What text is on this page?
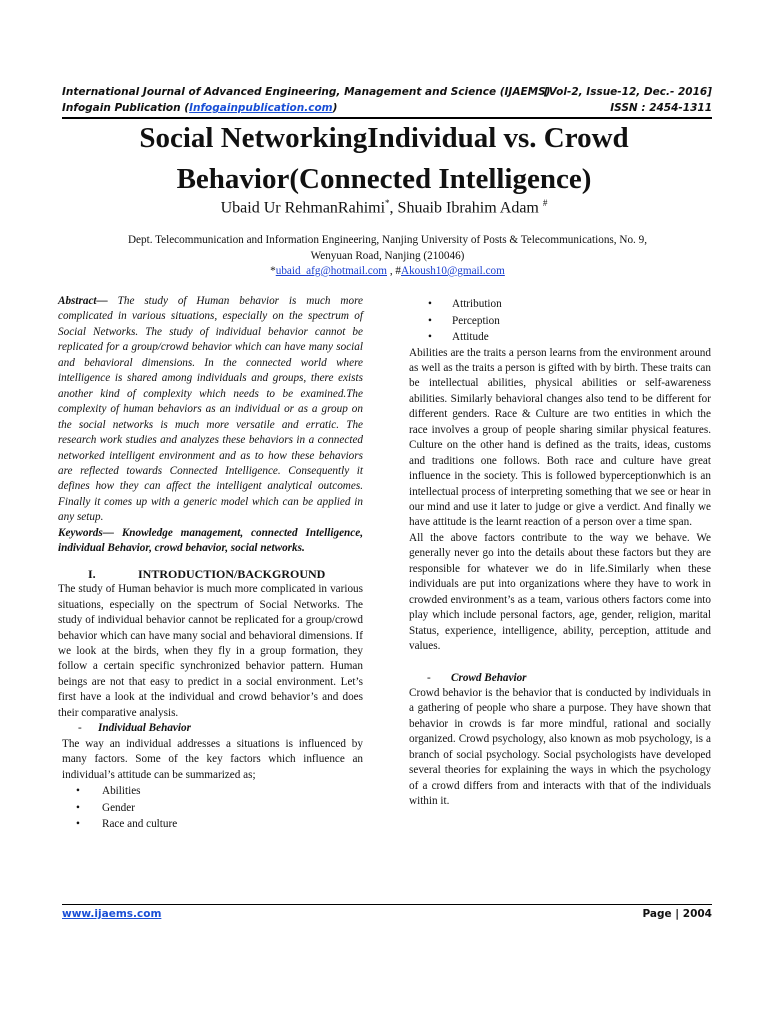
International Journal of Advanced Engineering, Management and Science (IJAEMS)
[Vol-2, Issue-12, Dec.- 2016]
Infogain Publication (Infogainpublication.com)	ISSN : 2454-1311
Social NetworkingIndividual vs. Crowd Behavior(Connected Intelligence)
Ubaid Ur RehmanRahimi*, Shuaib Ibrahim Adam #
Dept. Telecommunication and Information Engineering, Nanjing University of Posts & Telecommunications, No. 9,
Wenyuan Road, Nanjing (210046)
*ubaid_afg@hotmail.com , #Akoush10@gmail.com

Abstract— The study of Human behavior is much more complicated in various situations, especially on the spectrum of Social Networks. The study of individual behavior cannot be replicated for a group/crowd behavior which can have many social and behavioral dimensions. In the connected world where intelligence is shared among individuals and groups, there exists another kind of complexity which needs to be examined.The complexity of human behaviors as an individual or as a group on the social networks is much more versatile and erratic. The research work studies and analyzes these behaviors in a connected networked intelligent environment and as to how these behaviors are reflected towards Connected Intelligence. Consequently it defines how they can affect the intelligent analytical outcomes. Finally it comes up with a generic model which can be applied in any setup.

Keywords— Knowledge management, connected Intelligence, individual Behavior, crowd behavior, social networks.

I.	INTRODUCTION/BACKGROUND

The study of Human behavior is much more complicated in various situations, especially on the spectrum of Social Networks. The study of individual behavior cannot be replicated for a group/crowd behavior which can have many social and behavioral dimensions. If we look at the birds, when they fly in a group formation, they follow a certain specific synchronized behavior pattern. Human beings are not that easy to predict in a social environment. Let’s first have a look at the individual and crowd behavior’s and does their comparative analysis.

- Individual Behavior

The way an individual addresses a situations is influenced by many factors. Some of the key factors which influence an individual’s attitude can be summarized as;

• Abilities
• Gender
• Race and culture
• Attribution
• Perception
• Attitude

Abilities are the traits a person learns from the environment around as well as the traits a person is gifted with by birth. These traits can be intellectual abilities, physical abilities or self-awareness abilities. Similarly behavioral changes also tend to be different for different genders. Race & Culture are two entities in which the race involves a group of people sharing similar physical features. Culture on the other hand is defined as the traits, ideas, customs and traditions one follows. Both race and culture have great influence in the society. This is followed byperceptionwhich is an intellectual process of interpreting something that we see or hear in our mind and use it later to judge or give a verdict. And finally we have attitude is the learnt reaction of a person over a time span.

All the above factors contribute to the way we behave. We generally never go into the details about these factors but they are responsible for whatever we do in life.Similarly when these individuals are put into organizations where they have to work in crowded environment’s as a team, various others factors come into play which include personal factors, age, gender, religion, marital Status, experience, intelligence, ability, perception, attitude and values.

- Crowd Behavior

Crowd behavior is the behavior that is conducted by individuals in a gathering of people who share a purpose. They have shown that behavior in crowds is far more mindful, rational and socially organized. Crowd psychology, also known as mob psychology, is a branch of social psychology. Social psychologists have developed several theories for explaining the ways in which the psychology of a crowd differs from and interacts with that of the individuals within it.

www.ijaems.com	Page | 2004
